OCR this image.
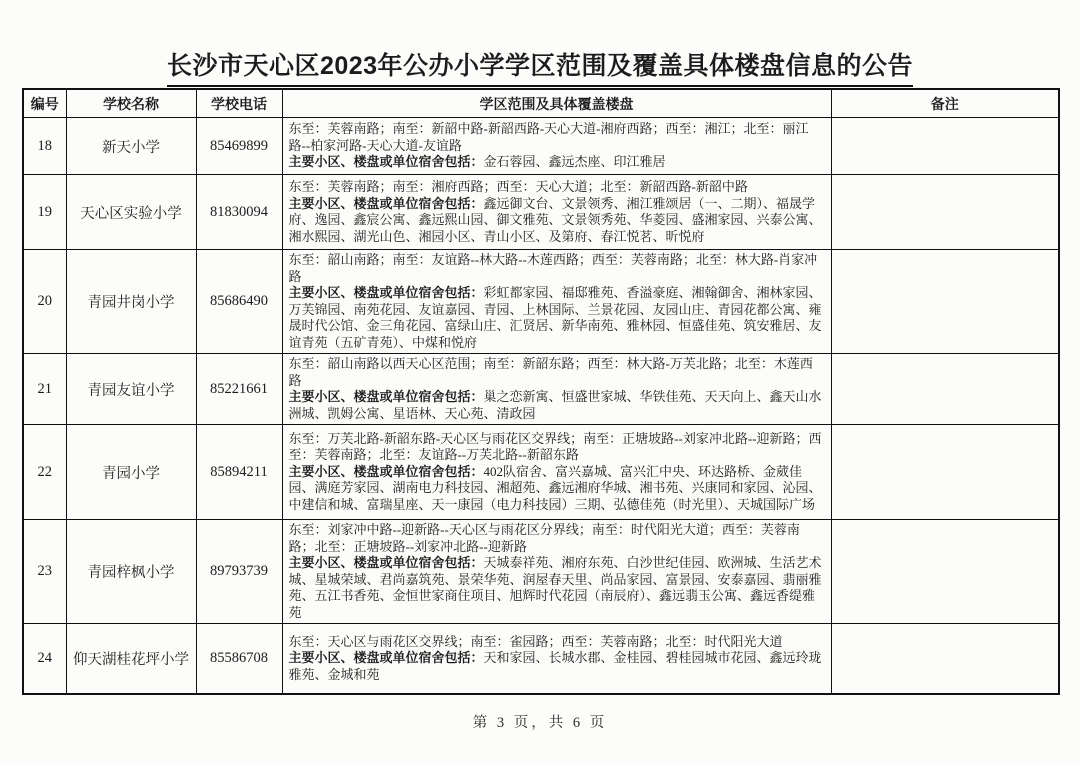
长沙市天心区2023年公办小学学区范围及覆盖具体楼盘信息的公告
编号	学校名称	学校电话	学区范围及具体覆盖楼盘	备注
18	新天小学	85469899	东至：芙蓉南路；南至：新韶中路-新韶西路-天心大道-湘府西路；西至：湘江；北至：丽江路--柏家河路-天心大道-友谊路
主要小区、楼盘或单位宿舍包括：金石蓉园、鑫远杰座、印江雅居	

19	天心区实验小学	81830094	东至：芙蓉南路；南至：湘府西路；西至：天心大道；北至：新韶西路-新韶中路
主要小区、楼盘或单位宿舍包括：鑫远御文台、文景领秀、湘江雅颂居（一、二期）、福晟学府、逸园、鑫宸公寓、鑫远熙山园、御文雅苑、文景领秀苑、华菱园、盛湘家园、兴泰公寓、湘水熙园、湖光山色、湘园小区、青山小区、及第府、春江悦茗、昕悦府	

20	青园井岗小学	85686490	东至：韶山南路；南至：友谊路--林大路--木莲西路；西至：芙蓉南路；北至：林大路-肖家冲路
主要小区、楼盘或单位宿舍包括：彩虹都家园、福邸雅苑、香溢豪庭、湘翰御舍、湘林家园、万芙锦园、南苑花园、友谊嘉园、青园、上林国际、兰景花园、友园山庄、青园花都公寓、雍晟时代公馆、金三角花园、富绿山庄、汇贤居、新华南苑、雅林园、恒盛佳苑、筑安雅居、友谊青苑（五矿青苑）、中煤和悦府	

21	青园友谊小学	85221661	东至：韶山南路以西天心区范围；南至：新韶东路；西至：林大路-万芙北路；北至：木莲西路
主要小区、楼盘或单位宿舍包括：巢之恋新寓、恒盛世家城、华铁佳苑、天天向上、鑫天山水洲城、凯姆公寓、星语林、天心苑、清政园	

22	青园小学	85894211	东至：万芙北路-新韶东路-天心区与雨花区交界线；南至：正塘坡路--刘家冲北路--迎新路；西至：芙蓉南路；北至：友谊路--万芙北路--新韶东路
主要小区、楼盘或单位宿舍包括：402队宿舍、富兴嘉城、富兴汇中央、环达路桥、金葳佳园、满庭芳家园、湖南电力科技园、湘超苑、鑫远湘府华城、湘书苑、兴康同和家园、沁园、中建信和城、富瑞星座、天一康园（电力科技园）三期、弘德佳苑（时光里）、天城国际广场	

23	青园梓枫小学	89793739	东至：刘家冲中路--迎新路--天心区与雨花区分界线；南至：时代阳光大道；西至：芙蓉南路；北至：正塘坡路--刘家冲北路--迎新路
主要小区、楼盘或单位宿舍包括：天城泰祥苑、湘府东苑、白沙世纪佳园、欧洲城、生活艺术城、星城荣域、君尚嘉筑苑、景荣华苑、润屋春天里、尚品家园、富景园、安泰嘉园、翡丽雅苑、五江书香苑、金恒世家商住项目、旭辉时代花园（南辰府）、鑫远翡玉公寓、鑫远香缇雅苑	

24	仰天湖桂花坪小学	85586708	东至：天心区与雨花区交界线；南至：雀园路；西至：芙蓉南路；北至：时代阳光大道
主要小区、楼盘或单位宿舍包括：天和家园、长城水郡、金桂园、碧桂园城市花园、鑫远玲珑雅苑、金城和苑	

第 3 页，共 6 页
